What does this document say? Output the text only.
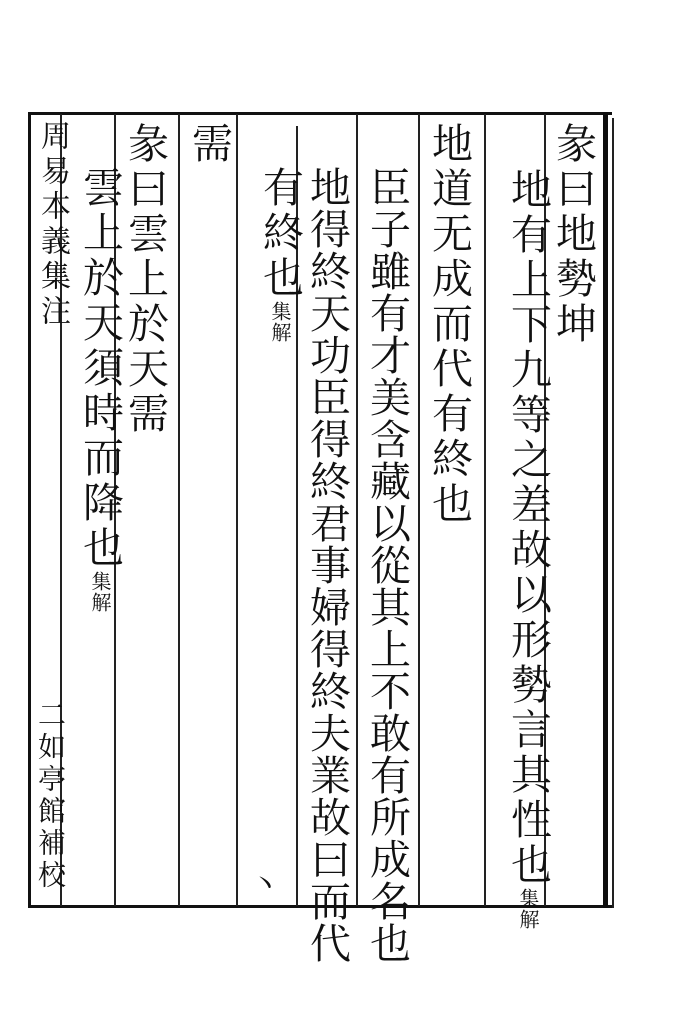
周易本義集注
二如亭館補校
彖曰地勢坤
地有上下九等之差故以形勢言其性也集解
地道无成而代有終也
臣子雖有才美含藏以從其上不敢有所成名也
地得終天功臣得終君事婦得終夫業故曰而代
有終也集解
需
彖曰雲上於天需
雲上於天須時而降也集解
丶
